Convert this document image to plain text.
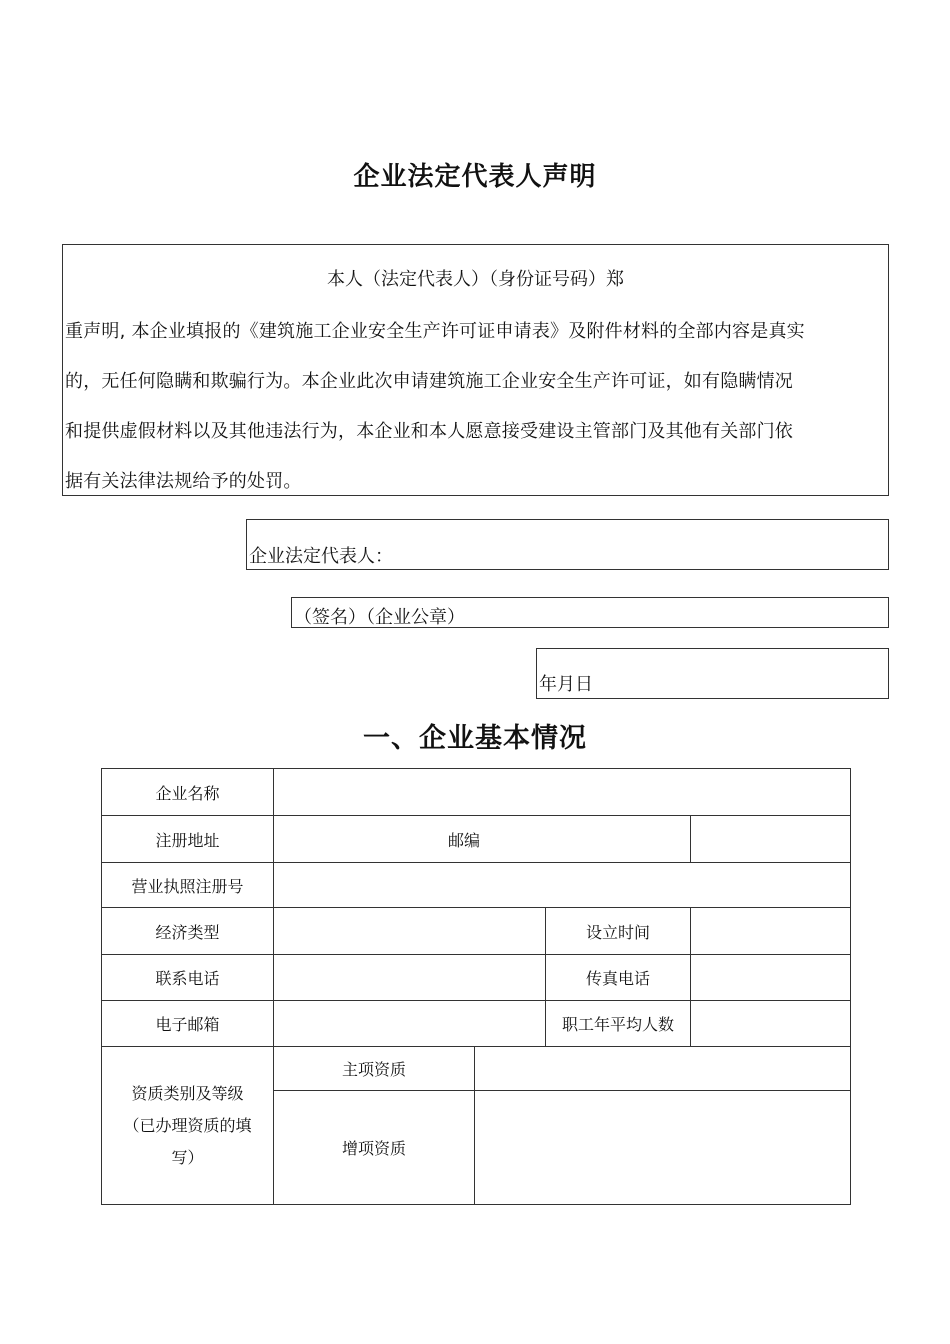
企业法定代表人声明
本人（法定代表人）（身份证号码）郑
重声明, 本企业填报的《建筑施工企业安全生产许可证申请表》及附件材料的全部内容是真实
的，无任何隐瞒和欺骗行为。本企业此次申请建筑施工企业安全生产许可证，如有隐瞒情况
和提供虚假材料以及其他违法行为，本企业和本人愿意接受建设主管部门及其他有关部门依
据有关法律法规给予的处罚。
企业法定代表人：
（签名）（企业公章）
年月日
一、企业基本情况
企业名称				
注册地址	邮编			
营业执照注册号				
经济类型			设立时间	
联系电话			传真电话	
电子邮箱			职工年平均人数	

资质类别及等级
（已办理资质的填
写）	主项资质			
	增项资质			
